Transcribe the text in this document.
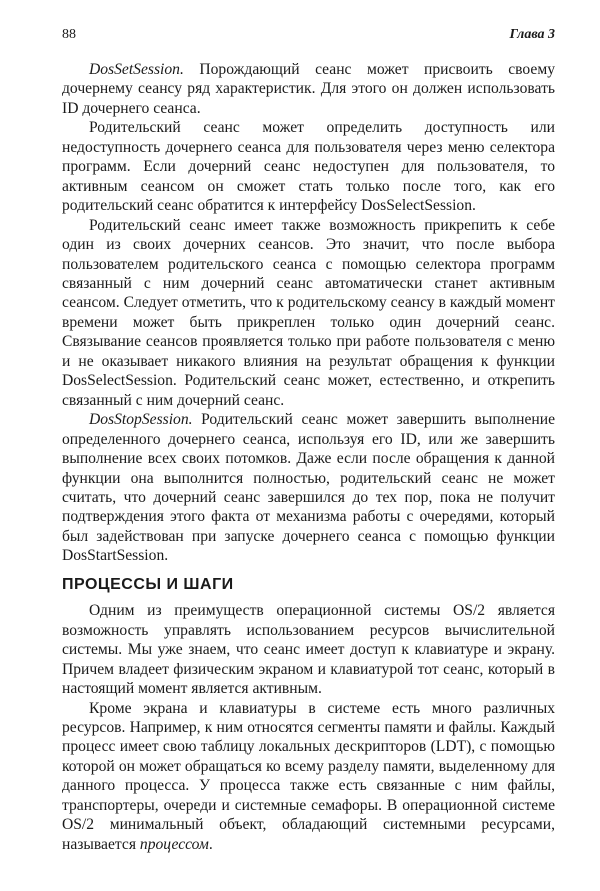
88	Глава 3

DosSetSession. Порождающий сеанс может присвоить своему дочернему сеансу ряд характеристик. Для этого он должен использовать ID дочернего сеанса.

Родительский сеанс может определить доступность или недоступность дочернего сеанса для пользователя через меню селектора программ. Если дочерний сеанс недоступен для пользователя, то активным сеансом он сможет стать только после того, как его родительский сеанс обратится к интерфейсу DosSelectSession.

Родительский сеанс имеет также возможность прикрепить к себе один из своих дочерних сеансов. Это значит, что после выбора пользователем родительского сеанса с помощью селектора программ связанный с ним дочерний сеанс автоматически станет активным сеансом. Следует отметить, что к родительскому сеансу в каждый момент времени может быть прикреплен только один дочерний сеанс. Связывание сеансов проявляется только при работе пользователя с меню и не оказывает никакого влияния на результат обращения к функции DosSelectSession. Родительский сеанс может, естественно, и открепить связанный с ним дочерний сеанс.

DosStopSession. Родительский сеанс может завершить выполнение определенного дочернего сеанса, используя его ID, или же завершить выполнение всех своих потомков. Даже если после обращения к данной функции она выполнится полностью, родительский сеанс не может считать, что дочерний сеанс завершился до тех пор, пока не получит подтверждения этого факта от механизма работы с очередями, который был задействован при запуске дочернего сеанса с помощью функции DosStartSession.

ПРОЦЕССЫ И ШАГИ

Одним из преимуществ операционной системы OS/2 является возможность управлять использованием ресурсов вычислительной системы. Мы уже знаем, что сеанс имеет доступ к клавиатуре и экрану. Причем владеет физическим экраном и клавиатурой тот сеанс, который в настоящий момент является активным.

Кроме экрана и клавиатуры в системе есть много различных ресурсов. Например, к ним относятся сегменты памяти и файлы. Каждый процесс имеет свою таблицу локальных дескрипторов (LDT), с помощью которой он может обращаться ко всему разделу памяти, выделенному для данного процесса. У процесса также есть связанные с ним файлы, транспортеры, очереди и системные семафоры. В операционной системе OS/2 минимальный объект, обладающий системными ресурсами, называется процессом.
